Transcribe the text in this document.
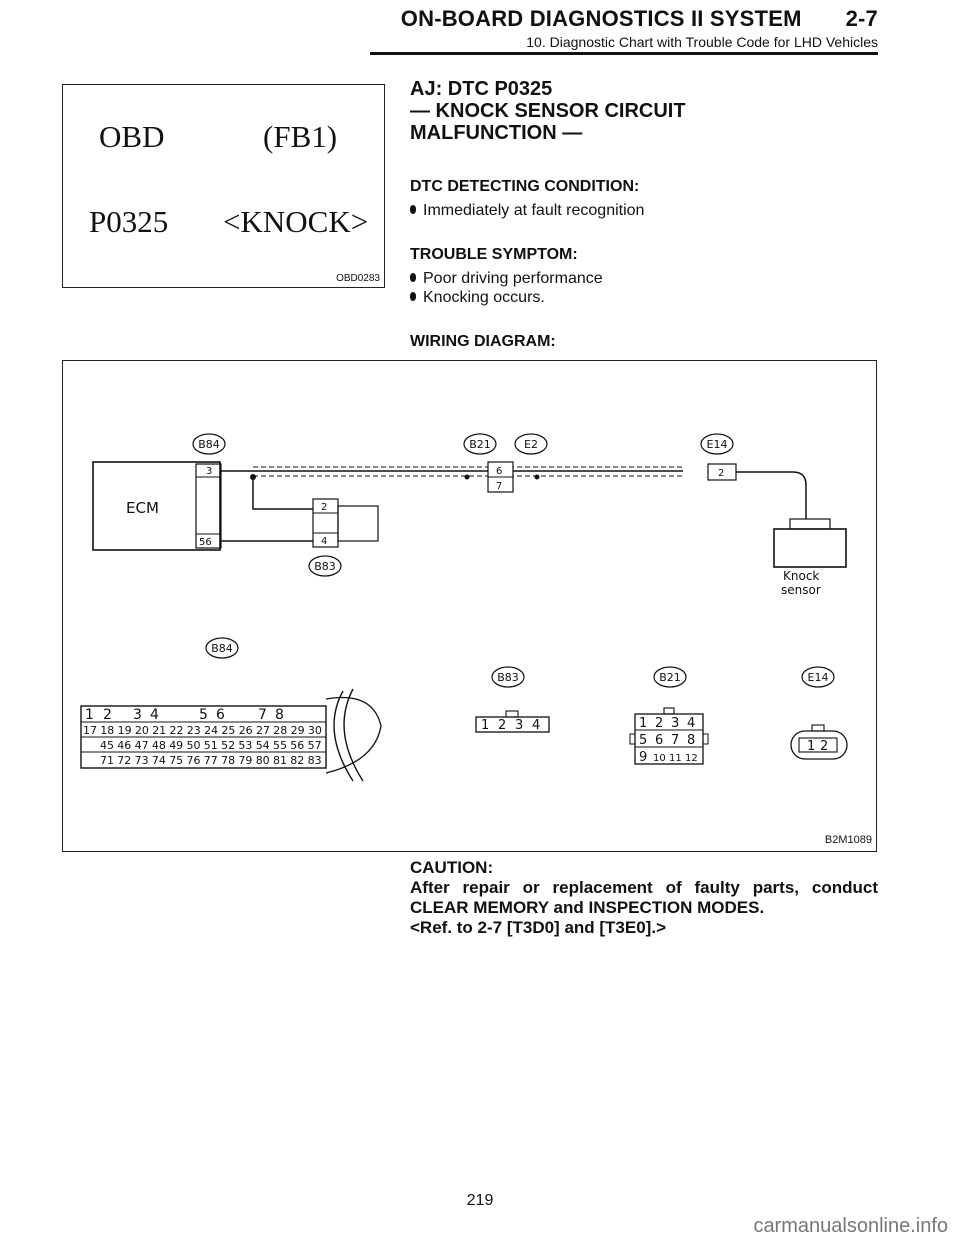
ON-BOARD DIAGNOSTICS II SYSTEM 2-7
10. Diagnostic Chart with Trouble Code for LHD Vehicles
OBD	(FB1)
P0325 <KNOCK>
OBD0283
AJ: DTC P0325
— KNOCK SENSOR CIRCUIT
MALFUNCTION —
DTC DETECTING CONDITION:
Immediately at fault recognition
TROUBLE SYMPTOM:
Poor driving performance
Knocking occurs.
WIRING DIAGRAM:
ECM
B84
3
56
2
4
B83
B21	E2
6
7
E14
2
Knock
sensor
B84
B83	B21	E14
1 2 3 4	5 6 7 8
17 18 19 20 21 22 23 24 25 26 27 28 29 30
45 46 47 48 49 50 51 52 53 54 55 56 57
71 72 73 74 75 76 77 78 79 80 81 82 83
1 2 3 4	1 2 3 4
5 6 7 8
9 10 11 12
1 2
B2M1089

CAUTION:

After repair or replacement of faulty parts, conduct CLEAR MEMORY and INSPECTION MODES.

<Ref. to 2-7 [T3D0] and [T3E0].>

219
carmanualsonline.info
